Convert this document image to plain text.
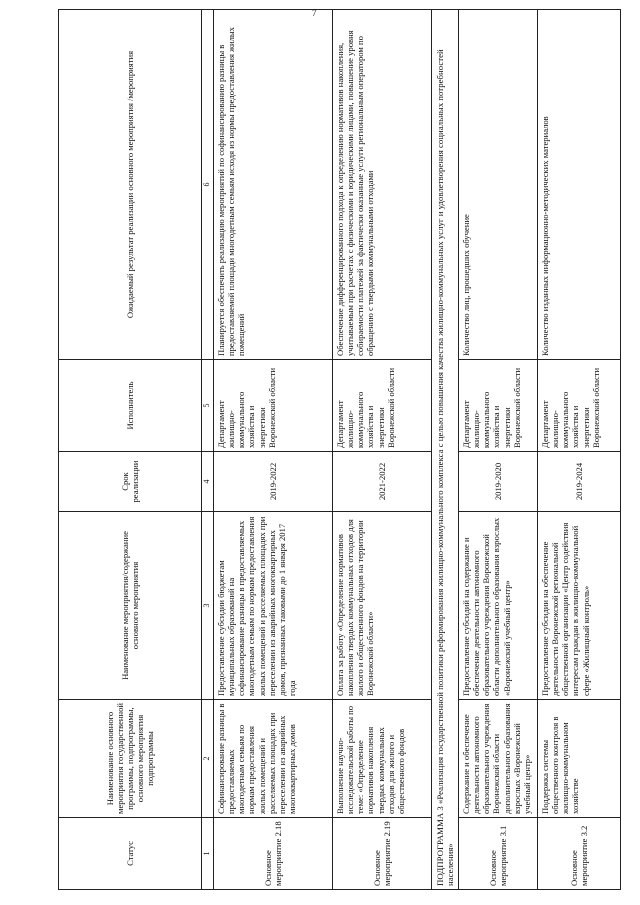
7
Статус	Наименование основного мероприятия государственной программы, подпрограммы, основного мероприятия подпрограммы	Наименование мероприятия/содержание основного мероприятия	Срок реализации	Исполнитель	Ожидаемый результат реализации основного мероприятия /мероприятия
1	2	3	4	5	6
Основное мероприятие 2.18	Софинансирование разницы в предоставляемых многодетным семьям по нормам предоставления жилых помещений и расселяемых площадях при переселении из аварийных многоквартирных домов	Предоставление субсидии бюджетам муниципальных образований на софинансирование разницы в предоставляемых многодетным семьям по нормам предоставления жилых помещений и расселяемых площадях при переселении из аварийных многоквартирных домов, признанных таковыми до 1 января 2017 года	2019-2022	Департамент жилищно-коммунального хозяйства и энергетики Воронежской области	Планируется обеспечить реализацию мероприятий по софинансированию разницы в предоставляемой площади многодетным семьям исходя из нормы предоставления жилых помещений
Основное мероприятие 2.19	Выполнение научно-исследовательской работы по теме: «Определение нормативов накопления твердых коммунальных отходов для жилого и общественного фондов	Оплата за работу «Определение нормативов накопления твердых коммунальных отходов для жилого и общественного фондов на территории Воронежской области»	2021-2022	Департамент жилищно-коммунального хозяйства и энергетики Воронежской области	Обеспечение дифференцированного подхода к определению нормативов накопления, учитываемым при расчетах с физическими и юридическими лицами, повышение уровня собираемости платежей за фактически оказанные услуги региональным оператором по обращению с твердыми коммунальными отходами
ПОДПРОГРАММА 3 «Реализация государственной политики реформирования жилищно-коммунального комплекса с целью повышения качества жилищно-коммунальных услуг и удовлетворения социальных потребностей населения»					
Основное мероприятие 3.1	Содержание и обеспечение деятельности автономного образовательного учреждения Воронежской области дополнительного образования взрослых «Воронежский учебный центр»	Предоставление субсидий на содержание и обеспечение деятельности автономного образовательного учреждения Воронежской области дополнительного образования взрослых «Воронежский учебный центр»	2019-2020	Департамент жилищно-коммунального хозяйства и энергетики Воронежской области	Количество лиц, прошедших обучение
Основное мероприятие 3.2	Поддержка системы общественного контроля в жилищно-коммунальном хозяйстве	Предоставление субсидии на обеспечение деятельности Воронежской региональной общественной организации «Центр содействия интересам граждан в жилищно-коммунальной сфере «Жилищный контроль»	2019-2024	Департамент жилищно-коммунального хозяйства и энергетики Воронежской области	Количество изданных информационно-методических материалов
